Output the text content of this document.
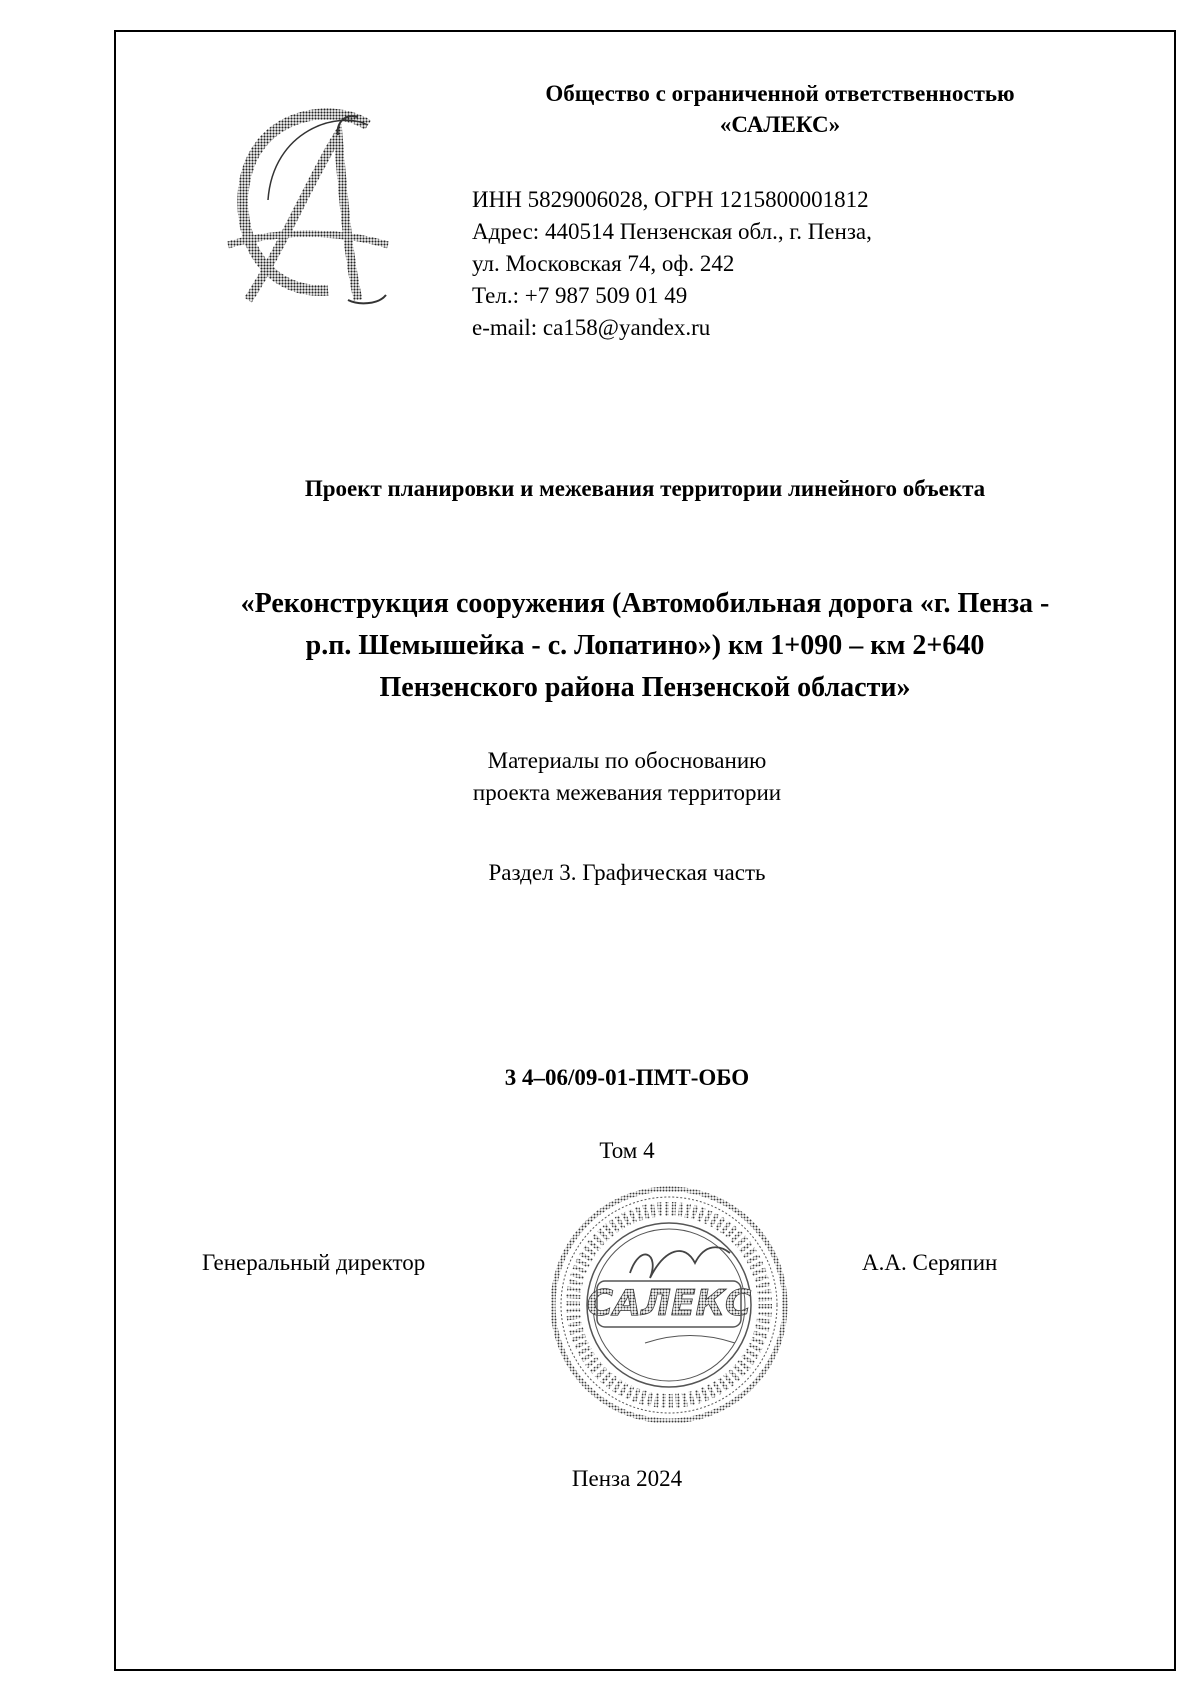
Общество с ограниченной ответственностью
«САЛЕКС»
ИНН 5829006028, ОГРН 1215800001812
Адрес: 440514 Пензенская обл., г. Пенза,
ул. Московская 74, оф. 242
Тел.: +7 987 509 01 49
e-mail: ca158@yandex.ru
Проект планировки и межевания территории линейного объекта
«Реконструкция сооружения (Автомобильная дорога «г. Пенза -
р.п. Шемышейка - с. Лопатино») км 1+090 – км 2+640
Пензенского района Пензенской области»
Материалы по обоснованию
проекта межевания территории
Раздел 3. Графическая часть
3 4–06/09-01-ПМТ-ОБО
Том 4
Генеральный директор
САЛЕКС
А.А. Серяпин
Пенза 2024
